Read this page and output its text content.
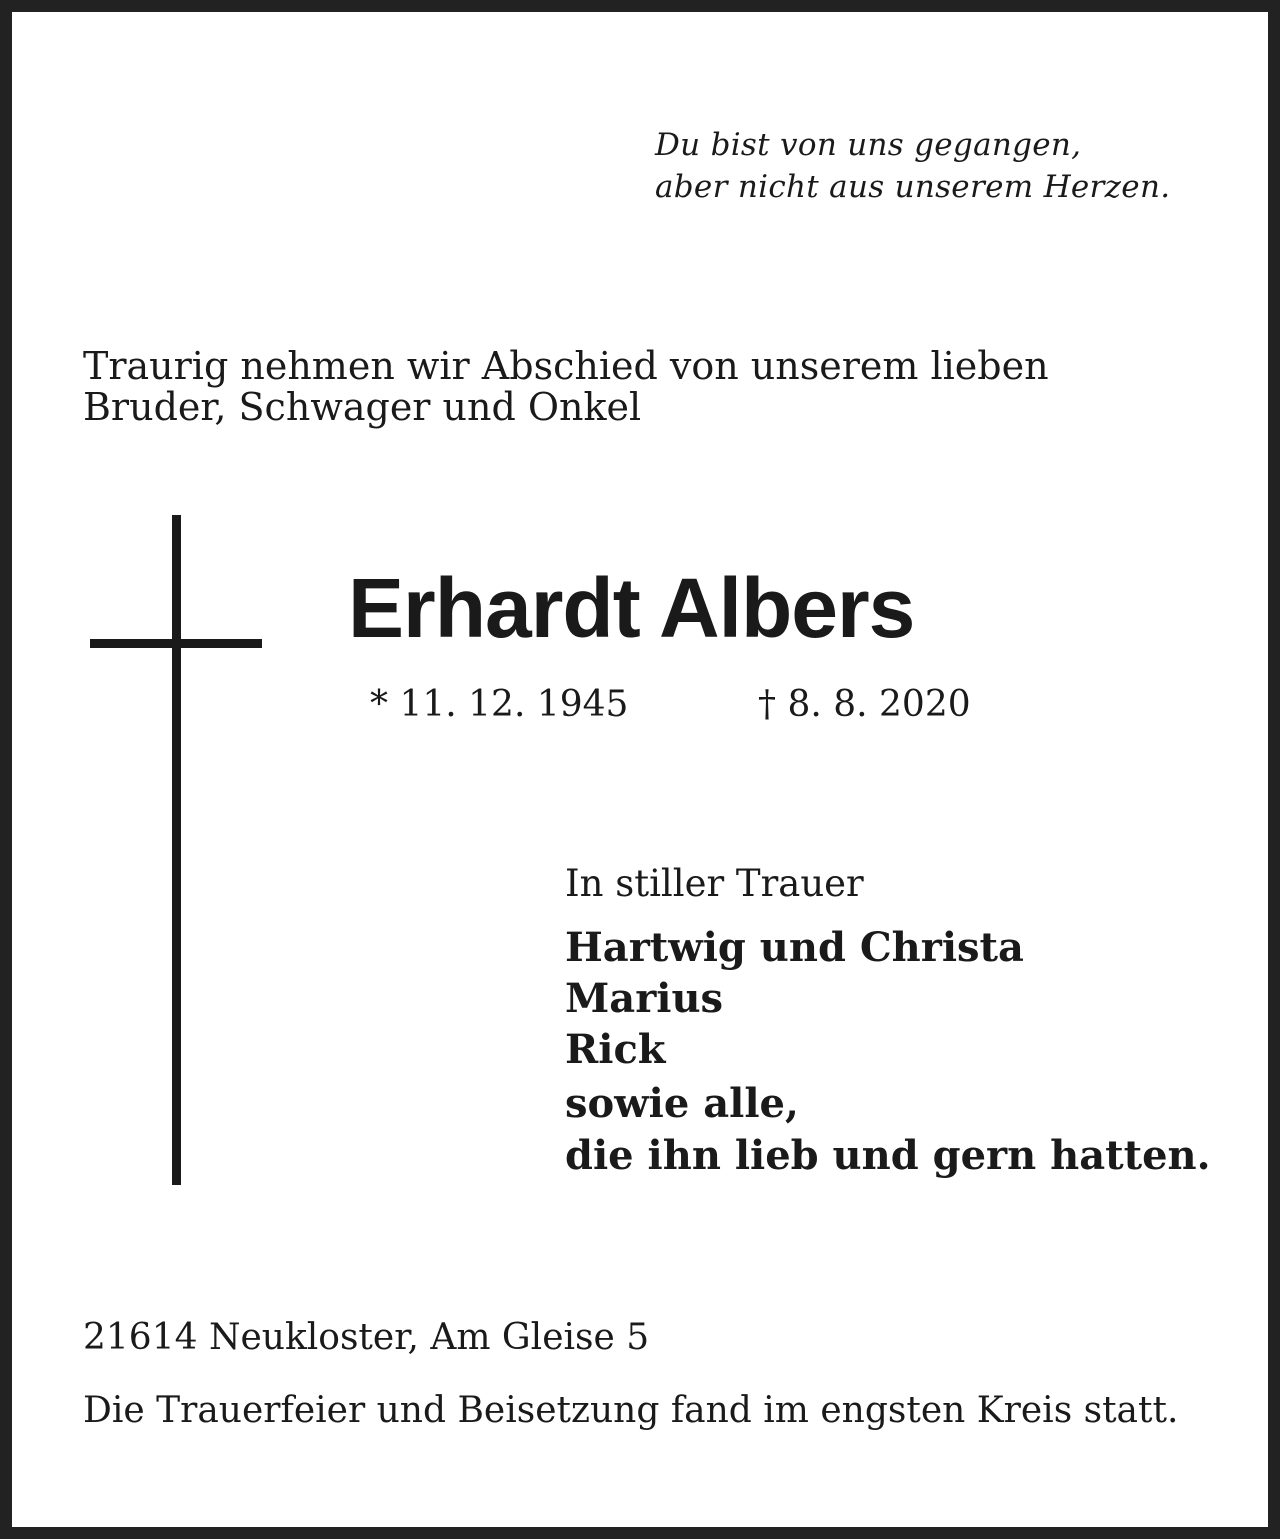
Du bist von uns gegangen,
aber nicht aus unserem Herzen.
Traurig nehmen wir Abschied von unserem lieben
Bruder, Schwager und Onkel
Erhardt Albers
* 11. 12. 1945	† 8. 8. 2020
In stiller Trauer
Hartwig und Christa
Marius
Rick
sowie alle,
die ihn lieb und gern hatten.
21614 Neukloster, Am Gleise 5
Die Trauerfeier und Beisetzung fand im engsten Kreis statt.
